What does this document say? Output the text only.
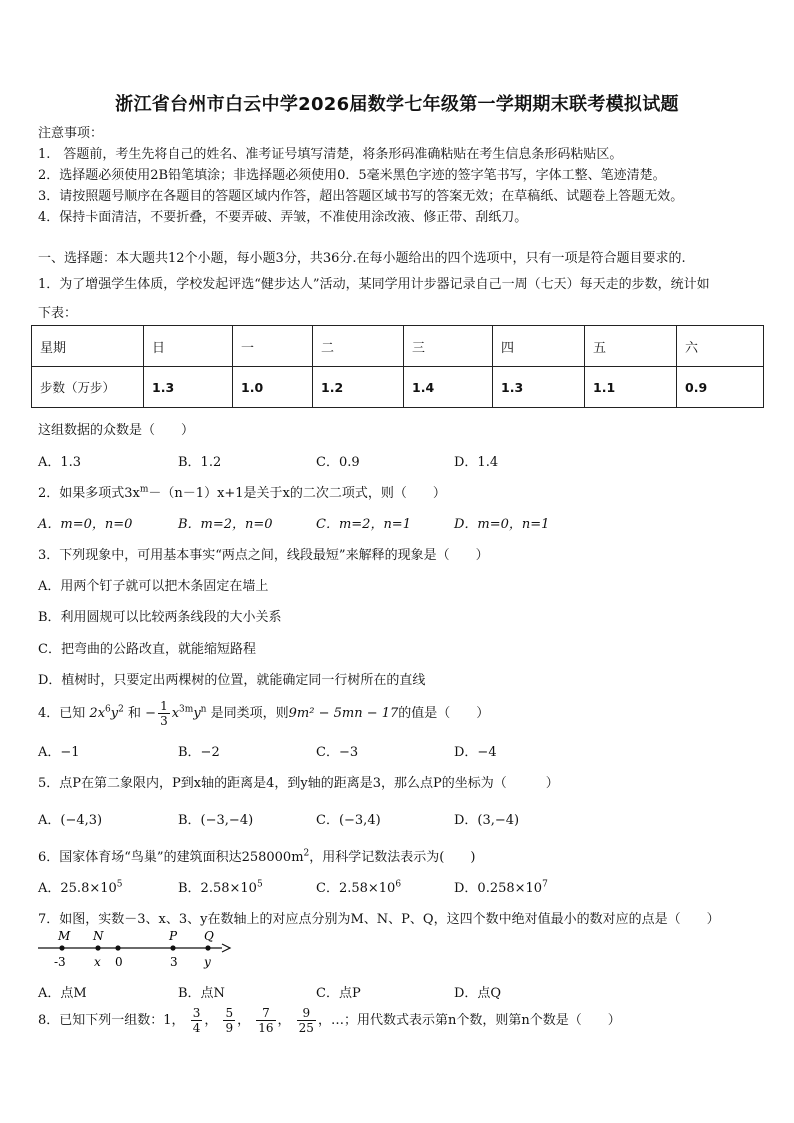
浙江省台州市白云中学2026届数学七年级第一学期期末联考模拟试题
注意事项：
1.　答题前，考生先将自己的姓名、准考证号填写清楚，将条形码准确粘贴在考生信息条形码粘贴区。
2．选择题必须使用2B铅笔填涂；非选择题必须使用0．5毫米黑色字迹的签字笔书写，字体工整、笔迹清楚。
3．请按照题号顺序在各题目的答题区域内作答，超出答题区域书写的答案无效；在草稿纸、试题卷上答题无效。
4．保持卡面清洁，不要折叠，不要弄破、弄皱，不准使用涂改液、修正带、刮纸刀。
一、选择题：本大题共12个小题，每小题3分，共36分.在每小题给出的四个选项中，只有一项是符合题目要求的.
1．为了增强学生体质，学校发起评选“健步达人”活动，某同学用计步器记录自己一周（七天）每天走的步数，统计如
下表：
星期	日	一	二	三	四	五	六
步数（万步）	1.3	1.0	1.2	1.4	1.3	1.1	0.9
这组数据的众数是（　　）
A．1.3	B．1.2	C．0.9	D．1.4
2．如果多项式$3x^m-(n-1)x+1$是关于x的二次二项式，则（　　）
A．m=0，n=0	B．m=2，n=0	C．m=2，n=1	D．m=0，n=1
3．下列现象中，可用基本事实“两点之间，线段最短”来解释的现象是（　　）
A．用两个钉子就可以把木条固定在墙上
B．利用圆规可以比较两条线段的大小关系
C．把弯曲的公路改直，就能缩短路程
D．植树时，只要定出两棵树的位置，就能确定同一行树所在的直线
4．已知 $2x^6y^2$ 和 − $\frac{1}{3} x^{3m}y^n$ 是同类项，则9m² − 5mn − 17的值是（　　）
A．−1	B．−2	C．−3	D．−4
5．点P在第二象限内，P到x轴的距离是4，到y轴的距离是3，那么点P的坐标为（　　　）
A．(−4,3)	B．(−3,−4)	C．(−3,4)	D．(3,−4)
6．国家体育场“鸟巢”的建筑面积达$258000m^2$，用科学记数法表示为(　　)
A．$25.8\times 10^5$	B．$2.58\times 10^5$	C．$2.58\times 10^6$	D．$0.258\times 10^7$
7．如图，实数－3、x、3、y在数轴上的对应点分别为M、N、P、Q，这四个数中绝对值最小的数对应的点是（　　）
M N	P Q
-3 x 0	3 y
A．点M	B．点N	C．点P	D．点Q
8．已知下列一组数：1， $\frac{3}{4}$ ， $\frac{5}{9}$ ， $\frac{7}{16}$ ， $\frac{9}{25}$ ，…；用代数式表示第n个数，则第n个数是（　　）
